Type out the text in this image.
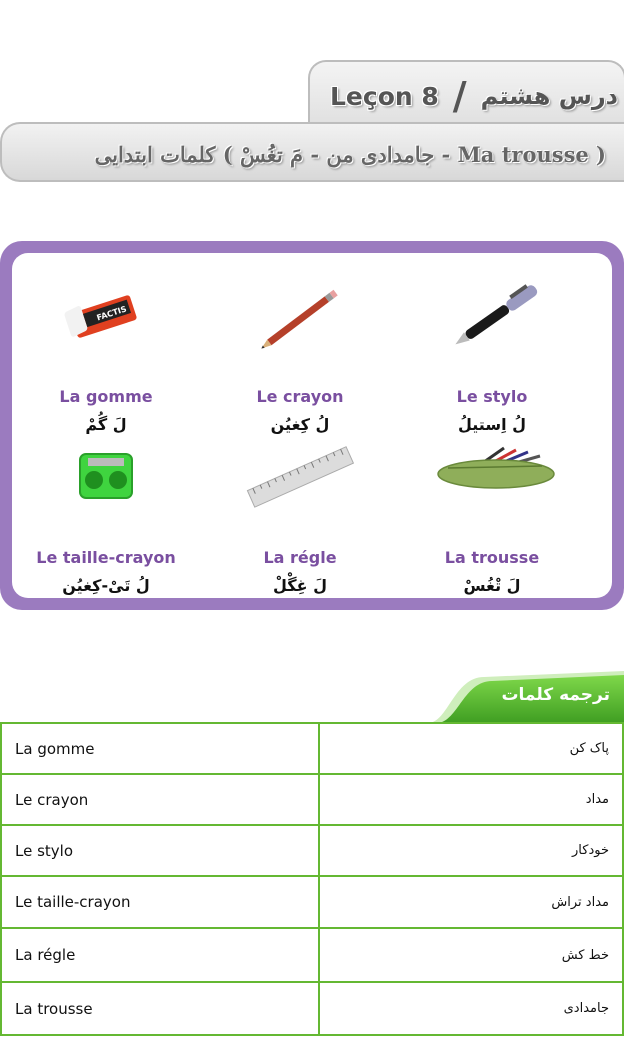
Leçon 8 / درس هشتم
کلمات ابتدایی ( جامدادی من - مَ تغُسْ - Ma trousse )
FACTIS
La gomme
لَ گُمْ
Le crayon
لُ کِغیُن
Le stylo
لُ اِستیلُ
Le taille-crayon
لُ تَیْ-کِغیُن
La régle
لَ غِگْلْ
La trousse
لَ تْغُسْ
ترجمه کلمات
La gomme	پاک کن
Le crayon	مداد
Le stylo	خودکار
Le taille-crayon	مداد تراش
La régle	خط کش
La trousse	جامدادی
